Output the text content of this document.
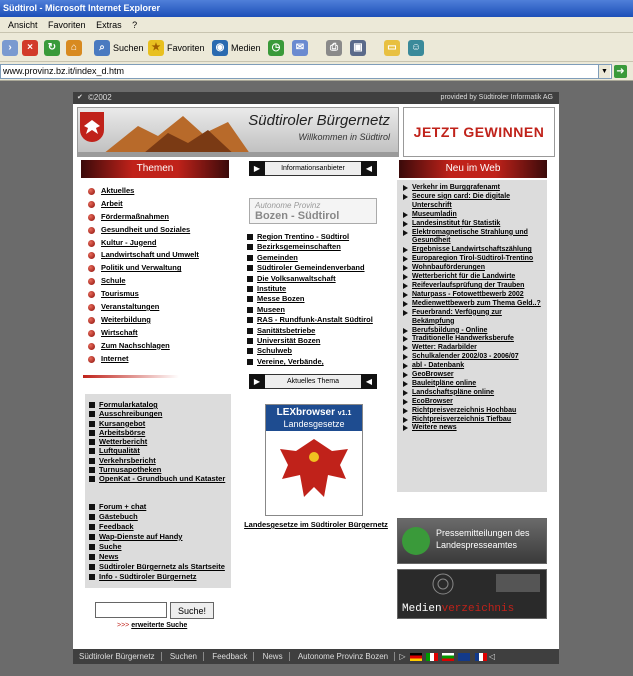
Südtirol - Microsoft Internet Explorer
Ansicht Favoriten Extras ?
›	×	↻	⌂	⌕ Suchen ★ Favoriten	◉ Medien	◷	✉	⎙	▣	▭	☺
www.provinz.bz.it/index_d.htm	▼ ➜
✔ ©2002	provided by Südtiroler Informatik AG
Südtiroler Bürgernetz
Willkommen in Südtirol	JETZT GEWINNEN
Themen	▶	Informationsanbieter	◀	Neu im Web
Aktuelles
Arbeit
Fördermaßnahmen
Gesundheit und Soziales
Kultur - Jugend
Landwirtschaft und Umwelt
Politik und Verwaltung
Schule
Tourismus
Veranstaltungen
Weiterbildung
Wirtschaft
Zum Nachschlagen
Internet
Formularkatalog
Ausschreibungen
Kursangebot
Arbeitsbörse
Wetterbericht
Luftqualität
Verkehrsbericht
Turnusapotheken
OpenKat - Grundbuch und Kataster
Forum + chat
Gästebuch
Feedback
Wap-Dienste auf Handy
Suche
News
Südtiroler Bürgernetz als Startseite
Info - Südtiroler Bürgernetz
Suche!
>>> erweiterte Suche
Autonome Provinz
Bozen - Südtirol
Region Trentino - Südtirol
Bezirksgemeinschaften
Gemeinden
Südtiroler Gemeindenverband
Die Volksanwaltschaft
Institute
Messe Bozen
Museen
RAS - Rundfunk-Anstalt Südtirol
Sanitätsbetriebe
Universität Bozen
Schulweb
Vereine, Verbände,
▶	Aktuelles Thema	◀
LEXbrowser v1.1
Landesgesetze
Landesgesetze im Südtiroler Bürgernetz
Verkehr im Burggrafenamt
Secure sign card: Die digitale Unterschrift
Museumladin
Landesinstitut für Statistik
Elektromagnetische Strahlung und Gesundheit
Ergebnisse Landwirtschaftszählung
Europaregion Tirol-Südtirol-Trentino
Wohnbauförderungen
Wetterbericht für die Landwirte
Reifeverlaufsprüfung der Trauben
Naturpass - Fotowettbewerb 2002
Medienwettbewerb zum Thema Geld..?
Feuerbrand: Verfügung zur Bekämpfung
Berufsbildung - Online
Traditionelle Handwerksberufe
Wetter: Radarbilder
Schulkalender 2002/03 - 2006/07
abl - Datenbank
GeoBrowser
Bauleitpläne online
Landschaftspläne online
EcoBrowser
Richtpreisverzeichnis Hochbau
Richtpreisverzeichnis Tiefbau
Weitere news
Pressemitteilungen des Landespresseamtes
Medienverzeichnis
Südtiroler Bürgernetz Suchen Feedback News Autonome Provinz Bozen ▷	◁
